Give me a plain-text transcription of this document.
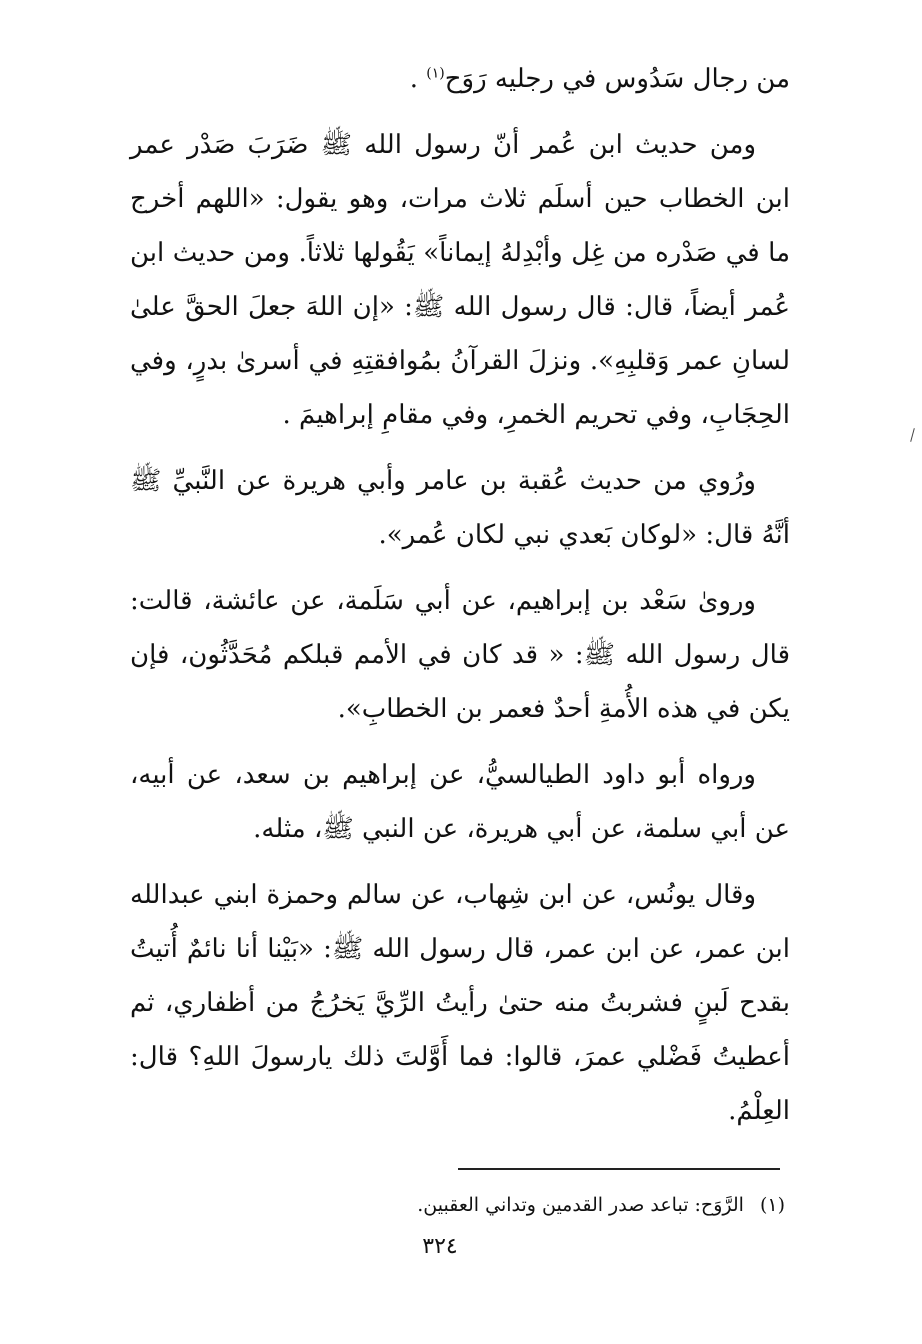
من رجال سَدُوس في رجليه رَوَح$^{(١)}$ .

ومن حديث ابن عُمر أنّ رسول الله ﷺ ضَرَبَ صَدْر عمر ابن الخطاب حين أسلَم ثلاث مرات، وهو يقول: «اللهم أخرج ما في صَدْره من غِل وأبْدِلهُ إيماناً» يَقُولها ثلاثاً. ومن حديث ابن عُمر أيضاً، قال: قال رسول الله ﷺ: «إن اللهَ جعلَ الحقَّ علىٰ لسانِ عمر وَقلبِهِ». ونزلَ القرآنُ بمُوافقتِهِ في أسرىٰ بدرٍ، وفي الحِجَابِ، وفي تحريم الخمرِ، وفي مقامِ إبراهيمَ .

ورُوي من حديث عُقبة بن عامر وأبي هريرة عن النَّبيِّ ﷺ أنَّهُ قال: «لوكان بَعدي نبي لكان عُمر».

ورویٰ سَعْد بن إبراهيم، عن أبي سَلَمة، عن عائشة، قالت: قال رسول الله ﷺ: « قد كان في الأمم قبلكم مُحَدَّثُون، فإن يكن في هذه الأُمةِ أحدٌ فعمر بن الخطابِ».

ورواه أبو داود الطيالسيُّ، عن إبراهيم بن سعد، عن أبيه، عن أبي سلمة، عن أبي هريرة، عن النبي ﷺ، مثله.

وقال يونُس، عن ابن شِهاب، عن سالم وحمزة ابني عبدالله ابن عمر، عن ابن عمر، قال رسول الله ﷺ: «بَيْنا أنا نائمٌ أُتيتُ بقدح لَبنٍ فشربتُ منه حتىٰ رأيتُ الرِّيَّ يَخرُجُ من أظفاري، ثم أعطيتُ فَضْلي عمرَ، قالوا: فما أَوَّلتَ ذلك يارسولَ اللهِ؟ قال: العِلْمُ.

(١)الرَّوَح: تباعد صدر القدمين وتداني العقبين.
٣٢٤
